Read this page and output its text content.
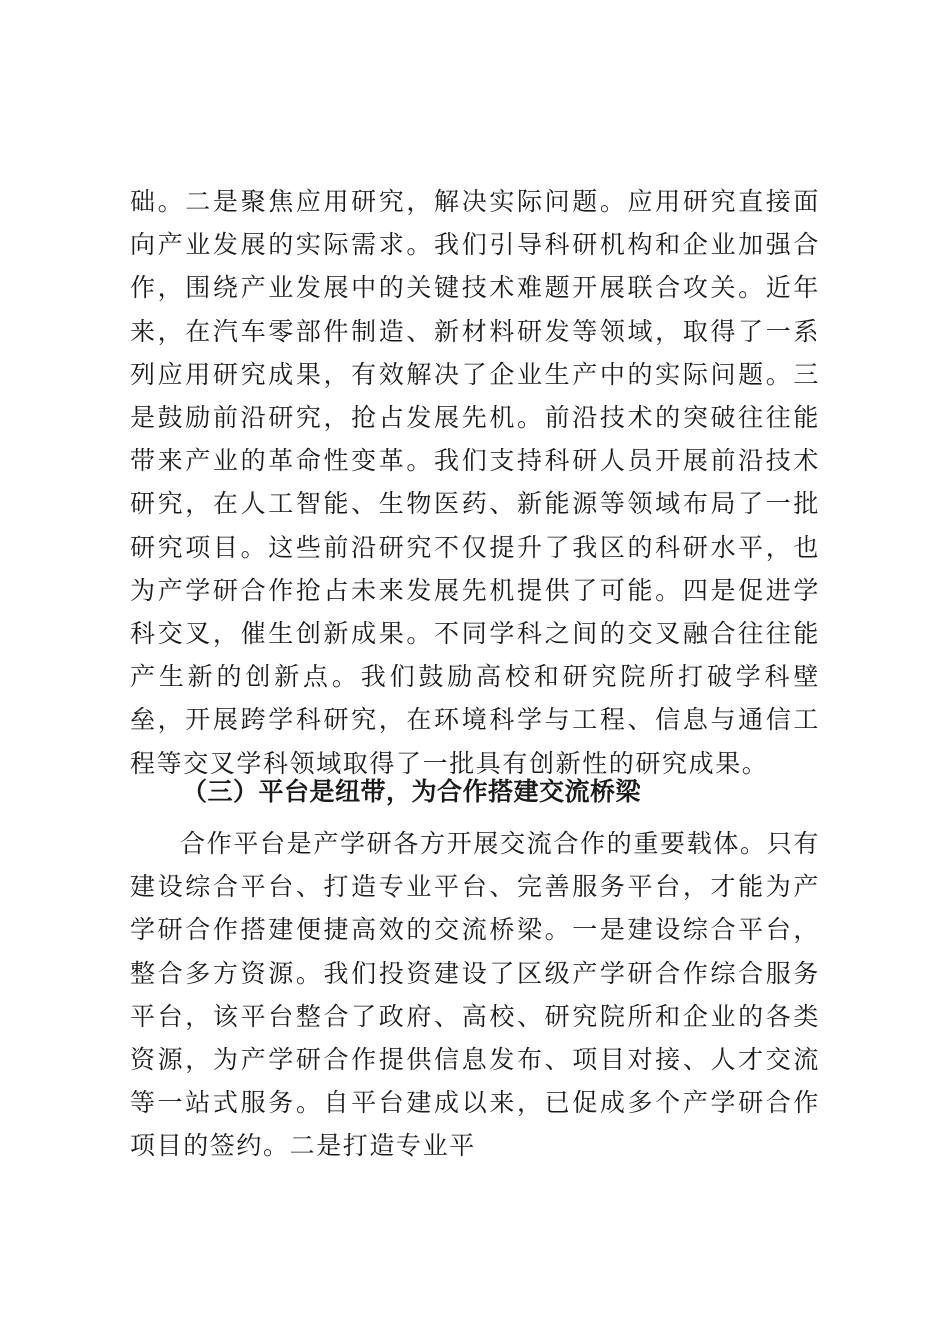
础。二是聚焦应用研究，解决实际问题。应用研究直接面向产业发展的实际需求。我们引导科研机构和企业加强合作，围绕产业发展中的关键技术难题开展联合攻关。近年来，在汽车零部件制造、新材料研发等领域，取得了一系列应用研究成果，有效解决了企业生产中的实际问题。三是鼓励前沿研究，抢占发展先机。前沿技术的突破往往能带来产业的革命性变革。我们支持科研人员开展前沿技术研究，在人工智能、生物医药、新能源等领域布局了一批研究项目。这些前沿研究不仅提升了我区的科研水平，也为产学研合作抢占未来发展先机提供了可能。四是促进学科交叉，催生创新成果。不同学科之间的交叉融合往往能产生新的创新点。我们鼓励高校和研究院所打破学科壁垒，开展跨学科研究，在环境科学与工程、信息与通信工程等交叉学科领域取得了一批具有创新性的研究成果。

（三）平台是纽带，为合作搭建交流桥梁

合作平台是产学研各方开展交流合作的重要载体。只有建设综合平台、打造专业平台、完善服务平台，才能为产学研合作搭建便捷高效的交流桥梁。一是建设综合平台，整合多方资源。我们投资建设了区级产学研合作综合服务平台，该平台整合了政府、高校、研究院所和企业的各类资源，为产学研合作提供信息发布、项目对接、人才交流等一站式服务。自平台建成以来，已促成多个产学研合作项目的签约。二是打造专业平
